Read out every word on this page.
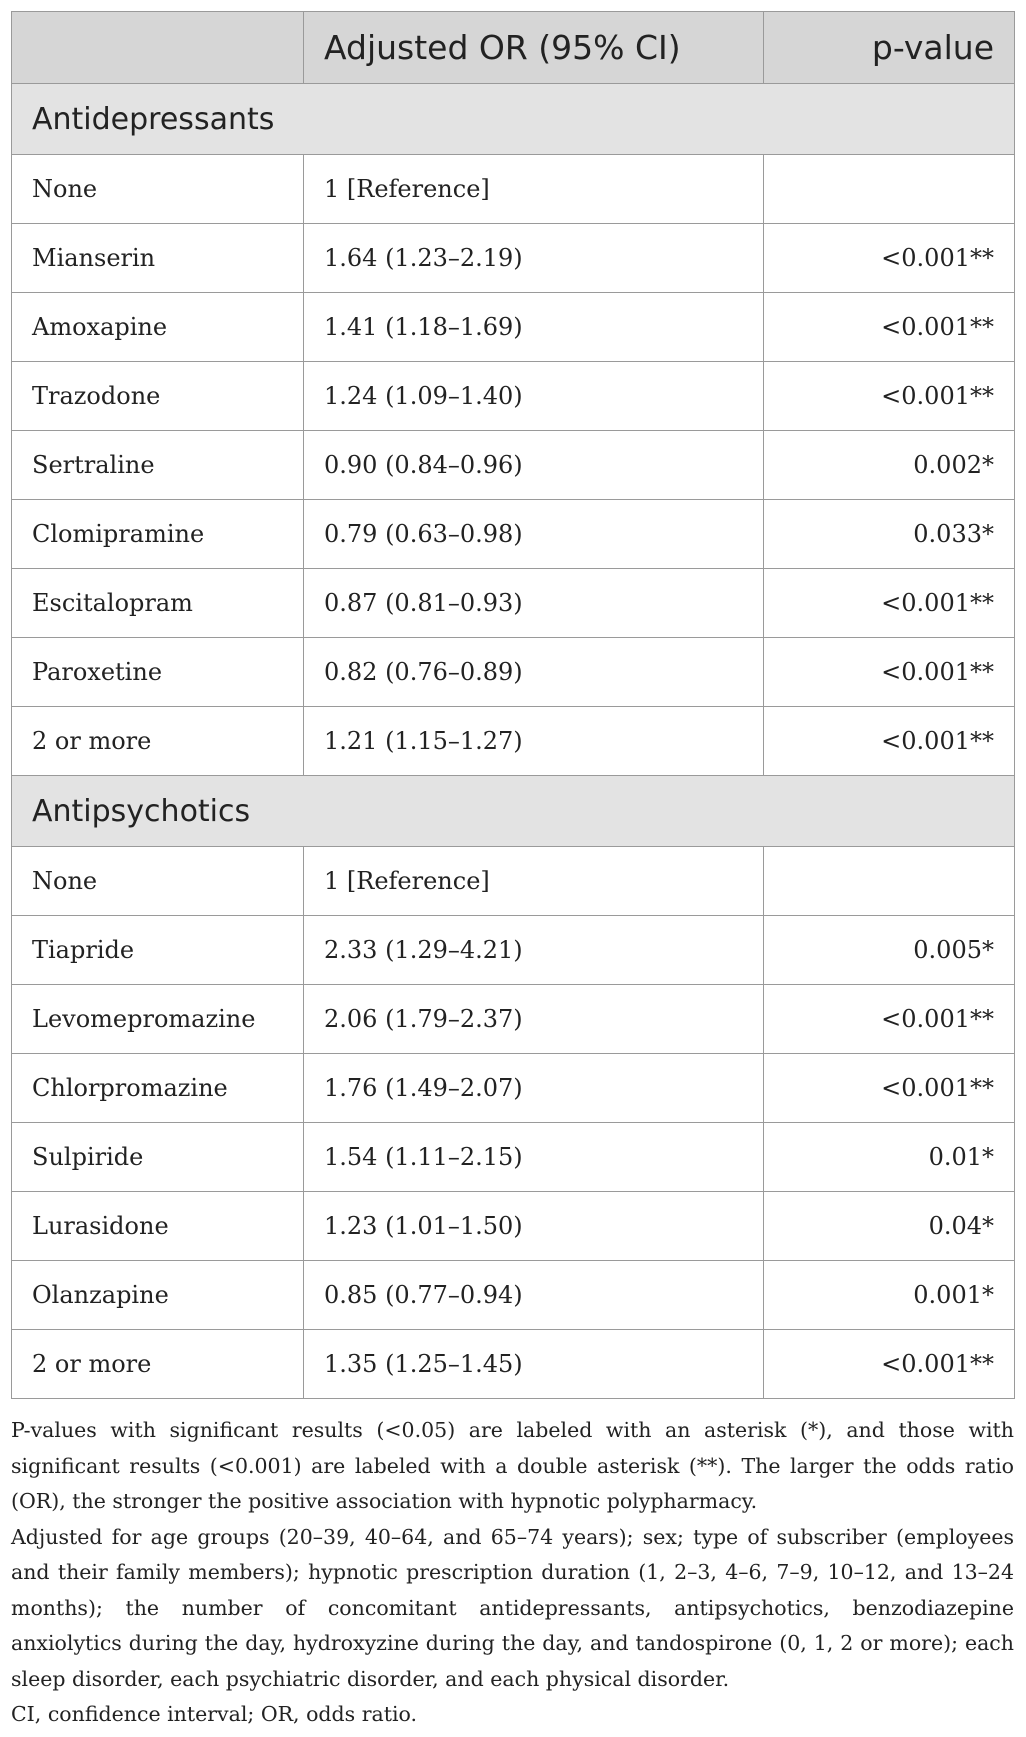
	Adjusted OR (95% CI)	p-value
Antidepressants		
None	1 [Reference]	
Mianserin	1.64 (1.23–2.19)	<0.001**
Amoxapine	1.41 (1.18–1.69)	<0.001**
Trazodone	1.24 (1.09–1.40)	<0.001**
Sertraline	0.90 (0.84–0.96)	0.002*
Clomipramine	0.79 (0.63–0.98)	0.033*
Escitalopram	0.87 (0.81–0.93)	<0.001**
Paroxetine	0.82 (0.76–0.89)	<0.001**
2 or more	1.21 (1.15–1.27)	<0.001**
Antipsychotics		
None	1 [Reference]	
Tiapride	2.33 (1.29–4.21)	0.005*
Levomepromazine	2.06 (1.79–2.37)	<0.001**
Chlorpromazine	1.76 (1.49–2.07)	<0.001**
Sulpiride	1.54 (1.11–2.15)	0.01*
Lurasidone	1.23 (1.01–1.50)	0.04*
Olanzapine	0.85 (0.77–0.94)	0.001*
2 or more	1.35 (1.25–1.45)	<0.001**

P-values with significant results (<0.05) are labeled with an asterisk (*), and those with significant results (<0.001) are labeled with a double asterisk (**). The larger the odds ratio (OR), the stronger the positive association with hypnotic polypharmacy.

Adjusted for age groups (20–39, 40–64, and 65–74 years); sex; type of subscriber (employees and their family members); hypnotic prescription duration (1, 2–3, 4–6, 7–9, 10–12, and 13–24 months); the number of concomitant antidepressants, antipsychotics, benzodiazepine anxiolytics during the day, hydroxyzine during the day, and tandospirone (0, 1, 2 or more); each sleep disorder, each psychiatric disorder, and each physical disorder.

CI, confidence interval; OR, odds ratio.
